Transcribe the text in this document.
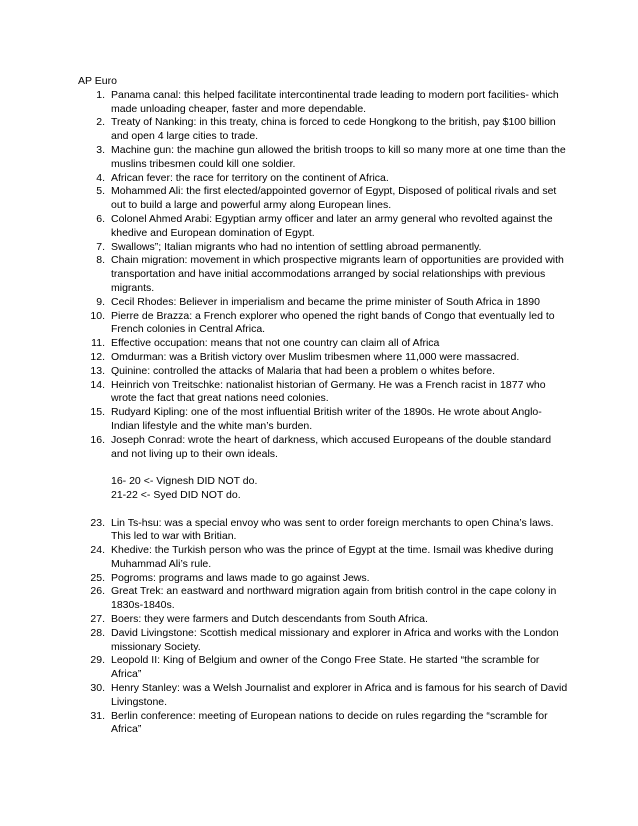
AP Euro
1. Panama canal: this helped facilitate intercontinental trade leading to modern port facilities- which made unloading cheaper, faster and more dependable.
2. Treaty of Nanking: in this treaty, china is forced to cede Hongkong to the british, pay $100 billion and open 4 large cities to trade.
3. Machine gun: the machine gun allowed the british troops to kill so many more at one time than the muslins tribesmen could kill one soldier.
4. African fever: the race for territory on the continent of Africa.
5. Mohammed Ali: the first elected/appointed governor of Egypt, Disposed of political rivals and set out to build a large and powerful army along European lines.
6. Colonel Ahmed Arabi: Egyptian army officer and later an army general who revolted against the khedive and European domination of Egypt.
7. Swallows”; Italian migrants who had no intention of settling abroad permanently.
8. Chain migration: movement in which prospective migrants learn of opportunities are provided with transportation and have initial accommodations arranged by social relationships with previous migrants.
9. Cecil Rhodes: Believer in imperialism and became the prime minister of South Africa in 1890
10. Pierre de Brazza: a French explorer who opened the right bands of Congo that eventually led to French colonies in Central Africa.
11. Effective occupation: means that not one country can claim all of Africa
12. Omdurman: was a British victory over Muslim tribesmen where 11,000 were massacred.
13. Quinine: controlled the attacks of Malaria that had been a problem o whites before.
14. Heinrich von Treitschke: nationalist historian of Germany. He was a French racist in 1877 who wrote the fact that great nations need colonies.
15. Rudyard Kipling: one of the most influential British writer of the 1890s. He wrote about Anglo-Indian lifestyle and the white man’s burden.
16. Joseph Conrad: wrote the heart of darkness, which accused Europeans of the double standard and not living up to their own ideals.
16- 20 <- Vignesh DID NOT do.
21-22 <- Syed DID NOT do.
23. Lin Ts-hsu: was a special envoy who was sent to order foreign merchants to open China’s laws. This led to war with Britian.
24. Khedive: the Turkish person who was the prince of Egypt at the time. Ismail was khedive during Muhammad Ali’s rule.
25. Pogroms: programs and laws made to go against Jews.
26. Great Trek: an eastward and northward migration again from british control in the cape colony in 1830s-1840s.
27. Boers: they were farmers and Dutch descendants from South Africa.
28. David Livingstone: Scottish medical missionary and explorer in Africa and works with the London missionary Society.
29. Leopold II: King of Belgium and owner of the Congo Free State. He started “the scramble for Africa”
30. Henry Stanley: was a Welsh Journalist and explorer in Africa and is famous for his search of David Livingstone.
31. Berlin conference: meeting of European nations to decide on rules regarding the “scramble for Africa”
